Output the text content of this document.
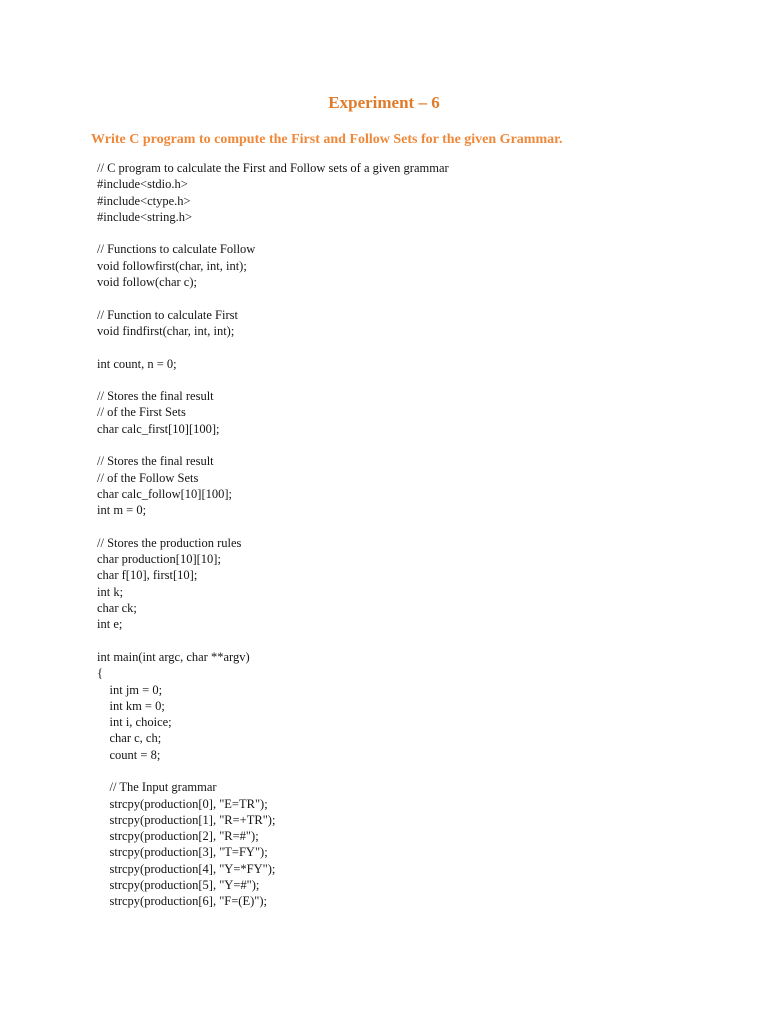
Experiment – 6

Write C program to compute the First and Follow Sets for the given Grammar.

// C program to calculate the First and Follow sets of a given grammar
#include<stdio.h>
#include<ctype.h>
#include<string.h>
// Functions to calculate Follow
void followfirst(char, int, int);
void follow(char c);
// Function to calculate First
void findfirst(char, int, int);
int count, n = 0;
// Stores the final result
// of the First Sets
char calc_first[10][100];
// Stores the final result
// of the Follow Sets
char calc_follow[10][100];
int m = 0;
// Stores the production rules
char production[10][10];
char f[10], first[10];
int k;
char ck;
int e;
int main(int argc, char **argv)
{
int jm = 0;
int km = 0;
int i, choice;
char c, ch;
count = 8;
// The Input grammar
strcpy(production[0], "E=TR");
strcpy(production[1], "R=+TR");
strcpy(production[2], "R=#");
strcpy(production[3], "T=FY");
strcpy(production[4], "Y=*FY");
strcpy(production[5], "Y=#");
strcpy(production[6], "F=(E)");
